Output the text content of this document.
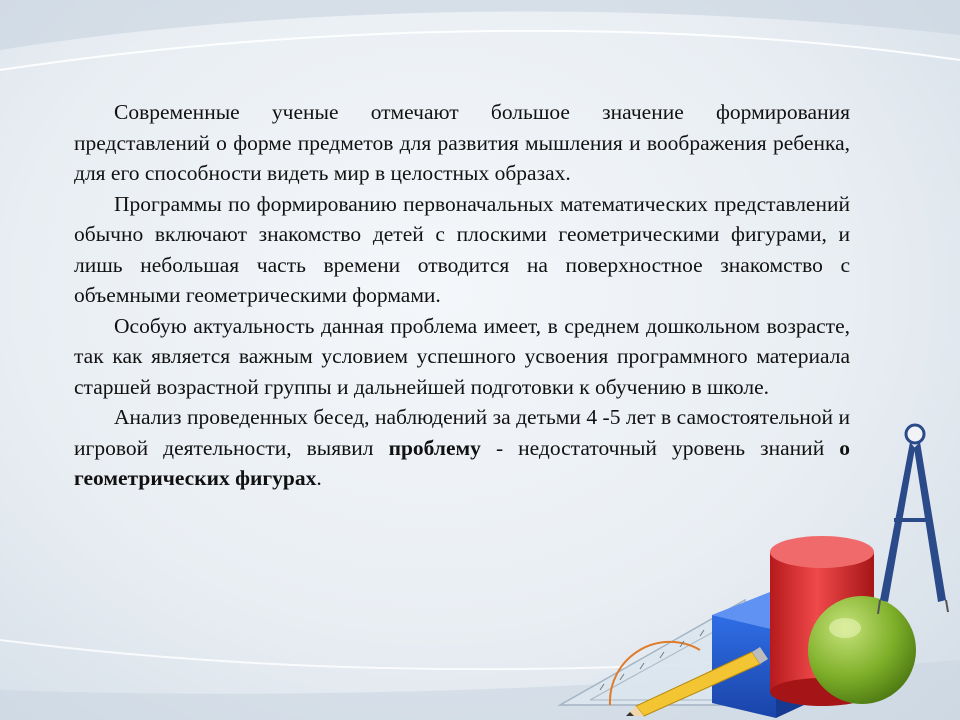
Современные ученые отмечают большое значение формирования представлений о форме предметов для развития мышления и воображения ребенка, для его способности видеть мир в целостных образах.

Программы по формированию первоначальных математических представлений обычно включают знакомство детей с плоскими геометрическими фигурами, и лишь небольшая часть времени отводится на поверхностное знакомство с объемными геометрическими формами.

Особую актуальность данная проблема имеет, в среднем дошкольном возрасте, так как является важным условием успешного усвоения программного материала старшей возрастной группы и дальнейшей подготовки к обучению в школе.

Анализ проведенных бесед, наблюдений за детьми 4 -5 лет в самостоятельной и игровой деятельности, выявил проблему - недостаточный уровень знаний о геометрических фигурах.
